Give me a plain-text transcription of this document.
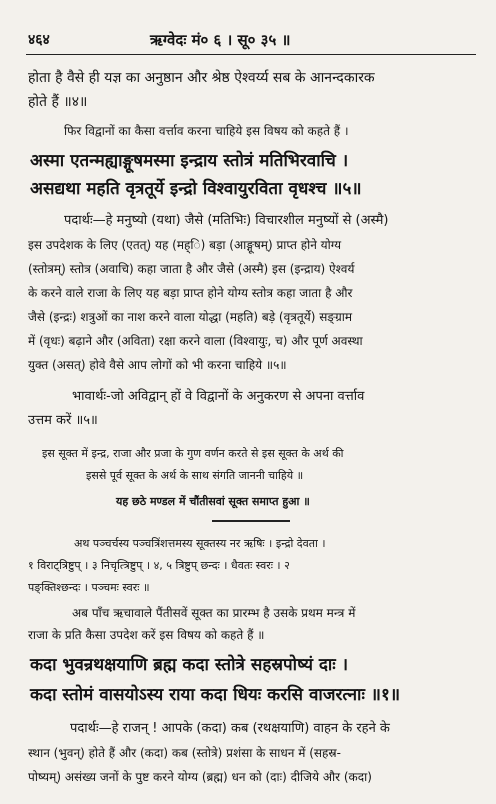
४६४	ऋग्वेदः मं० ६ । सू० ३५ ॥
होता है वैसे ही यज्ञ का अनुष्ठान और श्रेष्ठ ऐश्वर्य्य सब के आनन्दकारक
होते हैं ॥४॥
फिर विद्वानों का कैसा वर्त्ताव करना चाहिये इस विषय को कहते हैं ।
अस्मा एतन्मह्याङ्गूषमस्मा इन्द्राय स्तोत्रं मतिभिरवाचि ।
असद्यथा महति वृत्रतूर्ये इन्द्रो विश्वायुरविता वृधश्च ॥५॥
पदार्थः—हे मनुष्यो (यथा) जैसे (मतिभिः) विचारशील मनुष्यों से (अस्मै)
इस उपदेशक के लिए (एतत्) यह (मह्ि) बड़ा (आङ्गूषम्) प्राप्त होने योग्य
(स्तोत्रम्) स्तोत्र (अवाचि) कहा जाता है और जैसे (अस्मै) इस (इन्द्राय) ऐश्वर्य
के करने वाले राजा के लिए यह बड़ा प्राप्त होने योग्य स्तोत्र कहा जाता है और
जैसे (इन्द्रः) शत्रुओं का नाश करने वाला योद्धा (महति) बड़े (वृत्रतूर्ये) सङ्ग्राम
में (वृधः) बढ़ाने और (अविता) रक्षा करने वाला (विश्वायुः, च) और पूर्ण अवस्था
युक्त (असत्) होवे वैसे आप लोगों को भी करना चाहिये ॥५॥
भावार्थः-जो अविद्वान् हों वे विद्वानों के अनुकरण से अपना वर्त्ताव
उत्तम करें ॥५॥
इस सूक्त में इन्द्र, राजा और प्रजा के गुण वर्णन करते से इस सूक्त के अर्थ की
इससे पूर्व सूक्त के अर्थ के साथ संगति जाननी चाहिये ॥
यह छठे मण्डल में चौंतीसवां सूक्त समाप्त हुआ ॥
अथ पञ्चर्चस्य पञ्चत्रिंशत्तमस्य सूक्तस्य नर ऋषिः । इन्द्रो देवता ।
१ विराट्त्रिष्टुप् । ३ निचृत्त्रिष्टुप् । ४, ५ त्रिष्टुप् छन्दः । धैवतः स्वरः । २
पङ्क्तिश्छन्दः । पञ्चमः स्वरः ॥
अब पाँच ऋचावाले पैंतीसवें सूक्त का प्रारम्भ है उसके प्रथम मन्त्र में
राजा के प्रति कैसा उपदेश करें इस विषय को कहते हैं ॥
कदा भुवन्रथक्षयाणि ब्रह्म कदा स्तोत्रे सहस्रपोष्यं दाः ।
कदा स्तोमं वासयोऽस्य राया कदा धियः करसि वाजरत्नाः ॥१॥
पदार्थः—हे राजन् ! आपके (कदा) कब (रथक्षयाणि) वाहन के रहने के
स्थान (भुवन्) होते हैं और (कदा) कब (स्तोत्रे) प्रशंसा के साधन में (सहस्र-
पोष्यम्) असंख्य जनों के पुष्ट करने योग्य (ब्रह्म) धन को (दाः) दीजिये और (कदा)
